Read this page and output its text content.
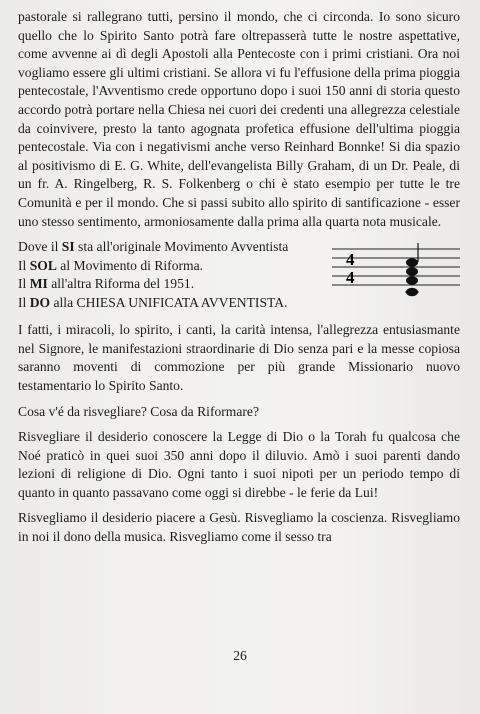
pastorale si rallegrano tutti, persino il mondo, che ci circonda. Io sono sicuro quello che lo Spirito Santo potrà fare oltrepasserà tutte le nostre aspettative, come avvenne ai dì degli Apostoli alla Pentecoste con i primi cristiani. Ora noi vogliamo essere gli ultimi cristiani. Se allora vi fu l'effusione della prima pioggia pentecostale, l'Avventismo crede opportuno dopo i suoi 150 anni di storia questo accordo potrà portare nella Chiesa nei cuori dei credenti una allegrezza celestiale da coinvivere, presto la tanto agognata profetica effusione dell'ultima pioggia pentecostale. Via con i negativismi anche verso Reinhard Bonnke! Si dia spazio al positivismo di E. G. White, dell'evangelista Billy Graham, di un Dr. Peale, di un fr. A. Ringelberg, R. S. Folkenberg o chi è stato esempio per tutte le tre Comunità e per il mondo. Che si passi subito allo spirito di santificazione - esser uno stesso sentimento, armoniosamente dalla prima alla quarta nota musicale.

Dove il SI sta all'originale Movimento Avventista
Il SOL al Movimento di Riforma.
Il MI all'altra Riforma del 1951.
Il DO alla CHIESA UNIFICATA AVVENTISTA.
4
4

I fatti, i miracoli, lo spirito, i canti, la carità intensa, l'allegrezza entusiasmante nel Signore, le manifestazioni straordinarie di Dio senza pari e la messe copiosa saranno moventi di commozione per più grande Missionario nuovo testamentario lo Spirito Santo.

Cosa v'é da risvegliare? Cosa da Riformare?

Risvegliare il desiderio conoscere la Legge di Dio o la Torah fu qualcosa che Noé praticò in quei suoi 350 anni dopo il diluvio. Amò i suoi parenti dando lezioni di religione di Dio. Ogni tanto i suoi nipoti per un periodo tempo di quanto in quanto passavano come oggi si direbbe - le ferie da Lui!

Risvegliamo il desiderio piacere a Gesù. Risvegliamo la coscienza. Risvegliamo in noi il dono della musica. Risvegliamo come il sesso tra

26
